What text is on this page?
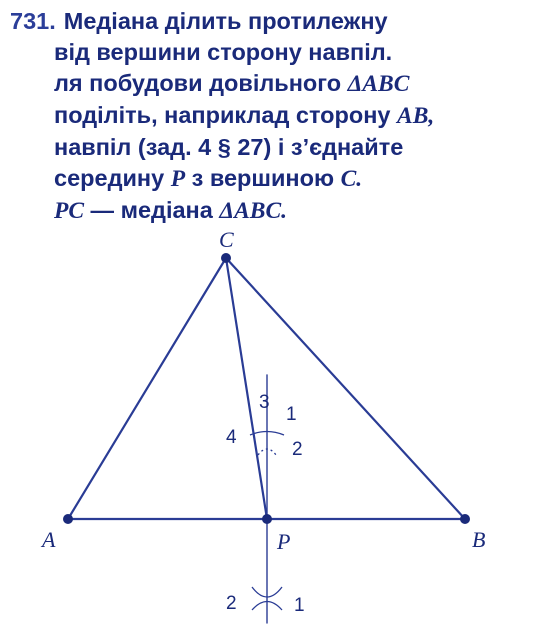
731. Медіана ділить протилежну
від вершини сторону навпіл.
ля побудови довільного ΔABC
поділіть, наприклад сторону AB,
навпіл (зад. 4 § 27) і з’єднайте
середину P з вершиною C.
PC — медіана ΔABC.
C
A	B
P
3
1
4
2
2	1
